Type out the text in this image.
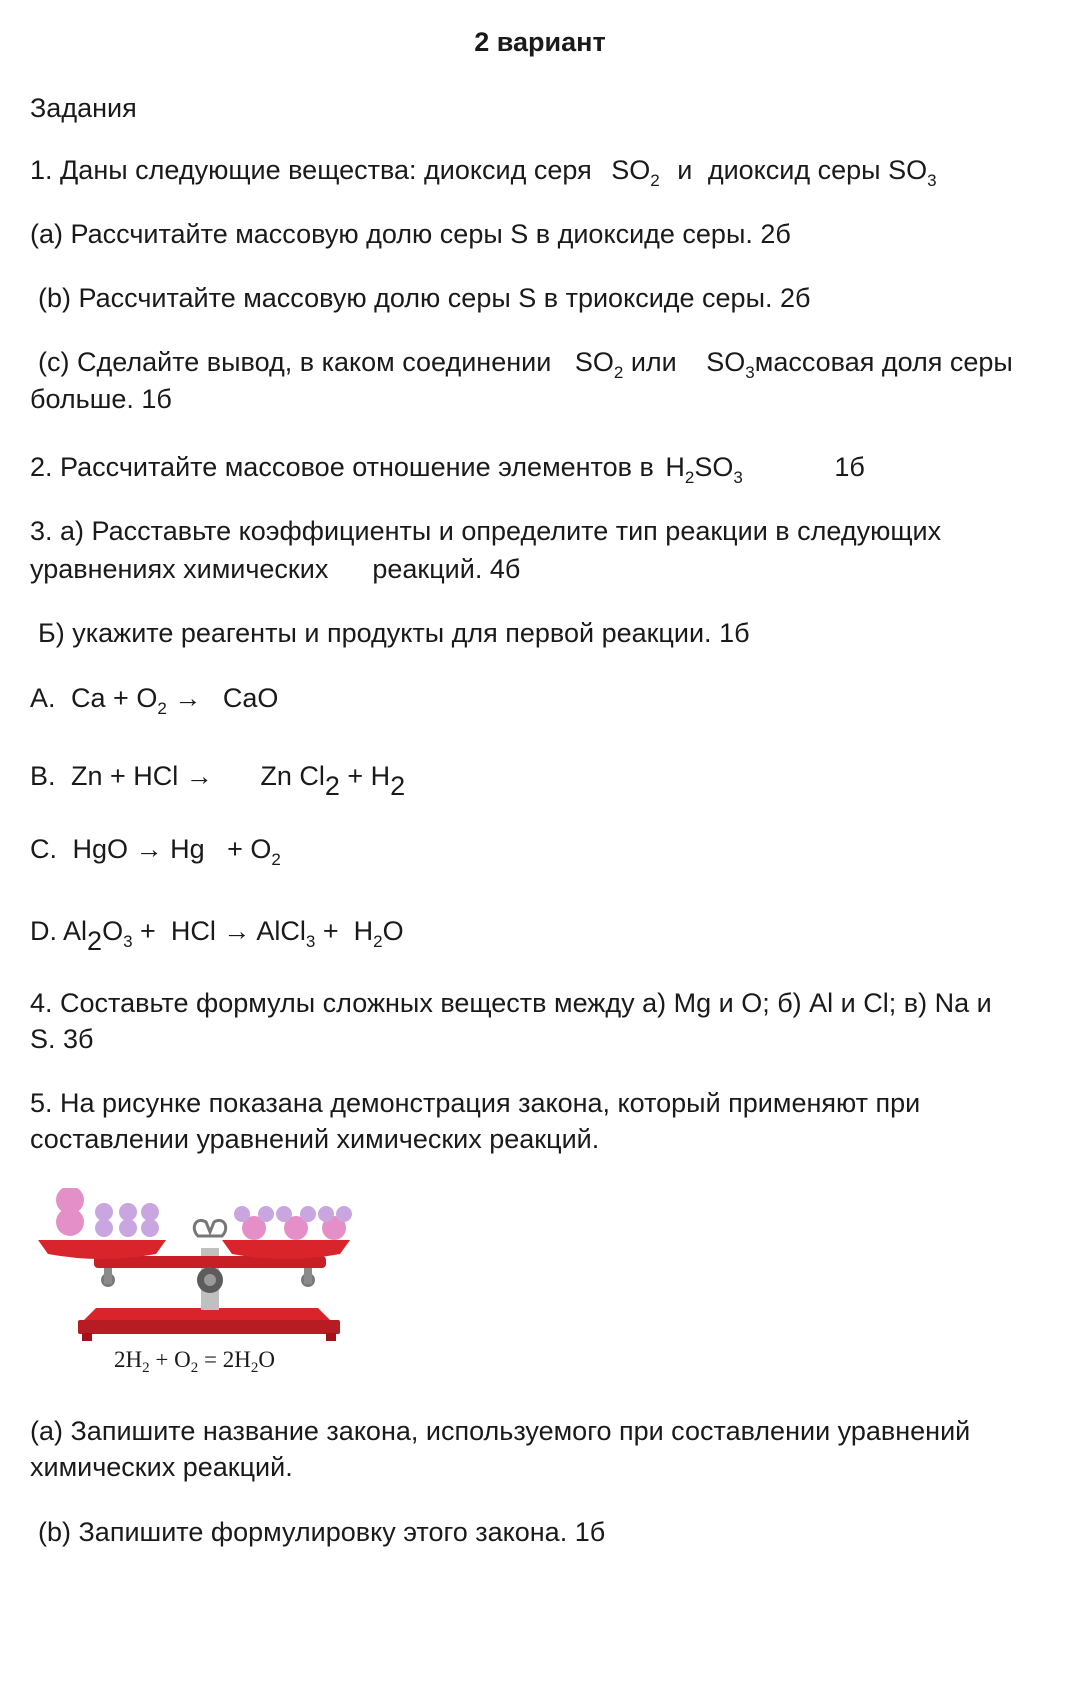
2 вариант
Задания
1. Даны следующие вещества: диоксид серя $SO_2$ и диоксид серы $SO_3$
(a) Рассчитайте массовую долю серы S в диоксиде серы. 2б
(b) Рассчитайте массовую долю серы S в триоксиде серы. 2б
(c) Сделайте вывод, в каком соединении $SO_2$ или $SO_3массовая$ доля серы
больше. 1б
2. Рассчитайте массовое отношение элементов в $H_2SO_3$	1б
3. а) Расставьте коэффициенты и определите тип реакции в следующих
уравнениях химических реакций. 4б
Б) укажите реагенты и продукты для первой реакции. 1б
A. $Ca + O_2$ → CaO
B. Zn + HCl → Zn $Cl_2 + H_2$
C. HgO → $Hg + O_2$
D. $Al_2O_3$ +  HCl → AlCl$_3$ +  $H_2O$
4. Составьте формулы сложных веществ между а) Mg и О; б) Al и Cl; в) Na и
S. 3б
5. На рисунке показана демонстрация закона, который применяют при
составлении уравнений химических реакций.
$2H_2 + O_2 = 2H_2O$
(а) Запишите название закона, используемого при составлении уравнений
химических реакций.
(b) Запишите формулировку этого закона. 1б
